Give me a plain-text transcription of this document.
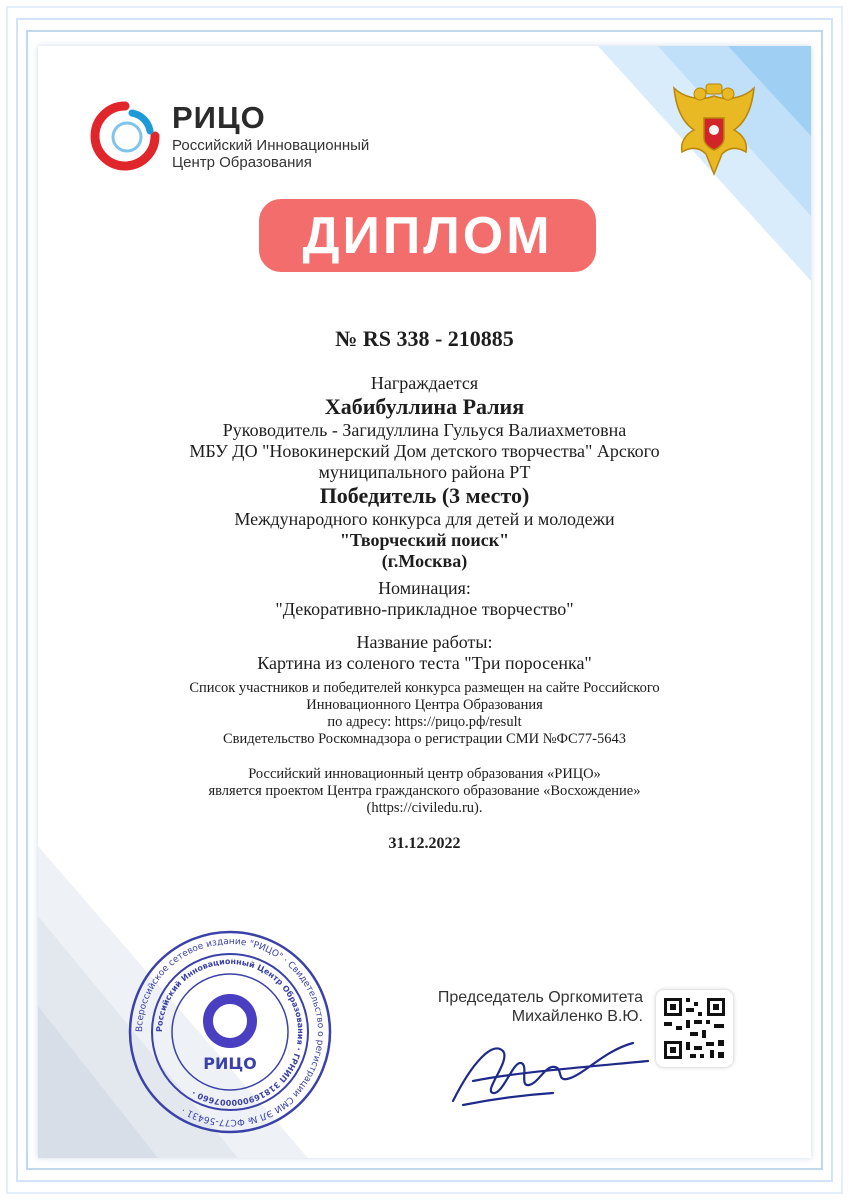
РИЦО
Российский Инновационный
Центр Образования
ДИПЛОМ
№ RS 338 - 210885
Награждается
Хабибуллина Ралия
Руководитель - Загидуллина Гульуся Валиахметовна
МБУ ДО "Новокинерский Дом детского творчества" Арского
муниципального района РТ
Победитель (3 место)
Международного конкурса для детей и молодежи
"Творческий поиск"
(г.Москва)
Номинация:
"Декоративно-прикладное творчество"
Название работы:
Картина из соленого теста "Три поросенка"
Список участников и победителей конкурса размещен на сайте Российского
Инновационного Центра Образования
по адресу: https://рицо.рф/result
Свидетельство Роскомнадзора о регистрации СМИ №ФС77-5643
Российский инновационный центр образования «РИЦО»
является проектом Центра гражданского образование «Восхождение»
(https://civiledu.ru).
31.12.2022
Всероссийское сетевое издание "РИЦО" · Свидетельство о регистрации СМИ ЭЛ № ФС77-56431 ·
Российский Инновационный Центр Образования · ГРНИП 318169000007660 ·
РИЦО
Председатель Оргкомитета
Михайленко В.Ю.
